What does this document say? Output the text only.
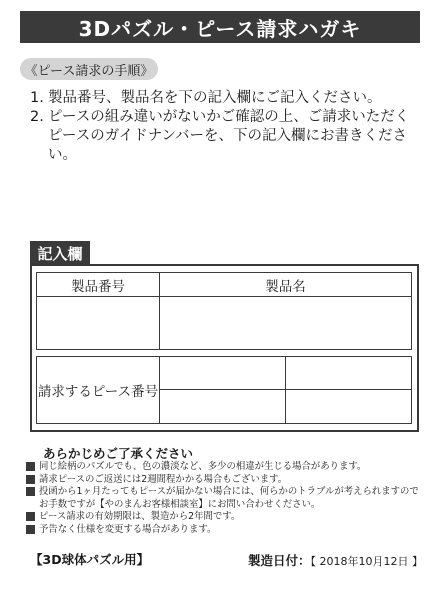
3Dパズル・ピース請求ハガキ
《ピース請求の手順》
1. 製品番号、製品名を下の記入欄にご記入ください。
2. ピースの組み違いがないかご確認の上、ご請求いただく
ピースのガイドナンバーを、下の記入欄にお書きください。
記入欄
製品番号	製品名
請求するピース番号
あらかじめご了承ください
同じ絵柄のパズルでも、色の濃淡など、多少の相違が生じる場合があります。
請求ピースのご返送には2週間程かかる場合もございます。
投函から1ヶ月たってもピースが届かない場合には、何らかのトラブルが考えられますので
お手数ですが【やのまんお客様相談室】にお問い合わせください。
ピース請求の有効期限は、製造から2年間です。
予告なく仕様を変更する場合があります。
【3D球体パズル用】	製造日付：【 2018年10月12日 】
